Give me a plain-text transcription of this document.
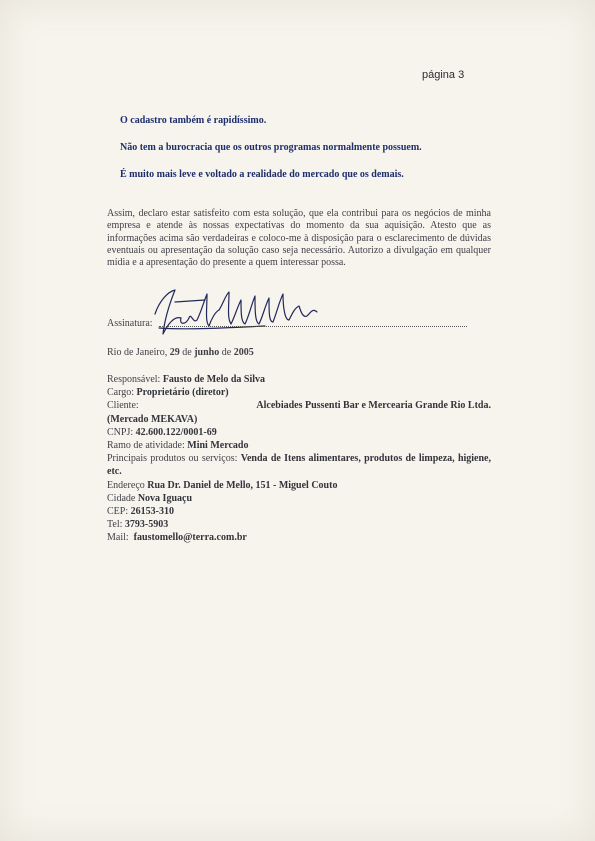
página 3
O cadastro também é rapidíssimo.
Não tem a burocracia que os outros programas normalmente possuem.
É muito mais leve e voltado a realidade do mercado que os demais.
Assim, declaro estar satisfeito com esta solução, que ela contribui para os negócios de minha empresa e atende às nossas expectativas do momento da sua aquisição. Atesto que as informações acima são verdadeiras e coloco-me à disposição para o esclarecimento de dúvidas eventuais ou apresentação da solução caso seja necessário. Autorizo a divulgação em qualquer mídia e a apresentação do presente a quem interessar possa.
Assinatura:
Rio de Janeiro, 29 de junho de 2005
Responsável: Fausto de Melo da Silva
Cargo: Proprietário (diretor)
Cliente:	Alcebiades Pussenti Bar e Mercearia Grande Rio Ltda.
(Mercado MEKAVA)
CNPJ: 42.600.122/0001-69
Ramo de atividade: Mini Mercado
Principais produtos ou serviços: Venda de Itens alimentares, produtos de limpeza, higiene, etc.
Endereço Rua Dr. Daniel de Mello, 151 - Miguel Couto
Cidade Nova Iguaçu
CEP: 26153-310
Tel: 3793-5903
Mail:  faustomello@terra.com.br
